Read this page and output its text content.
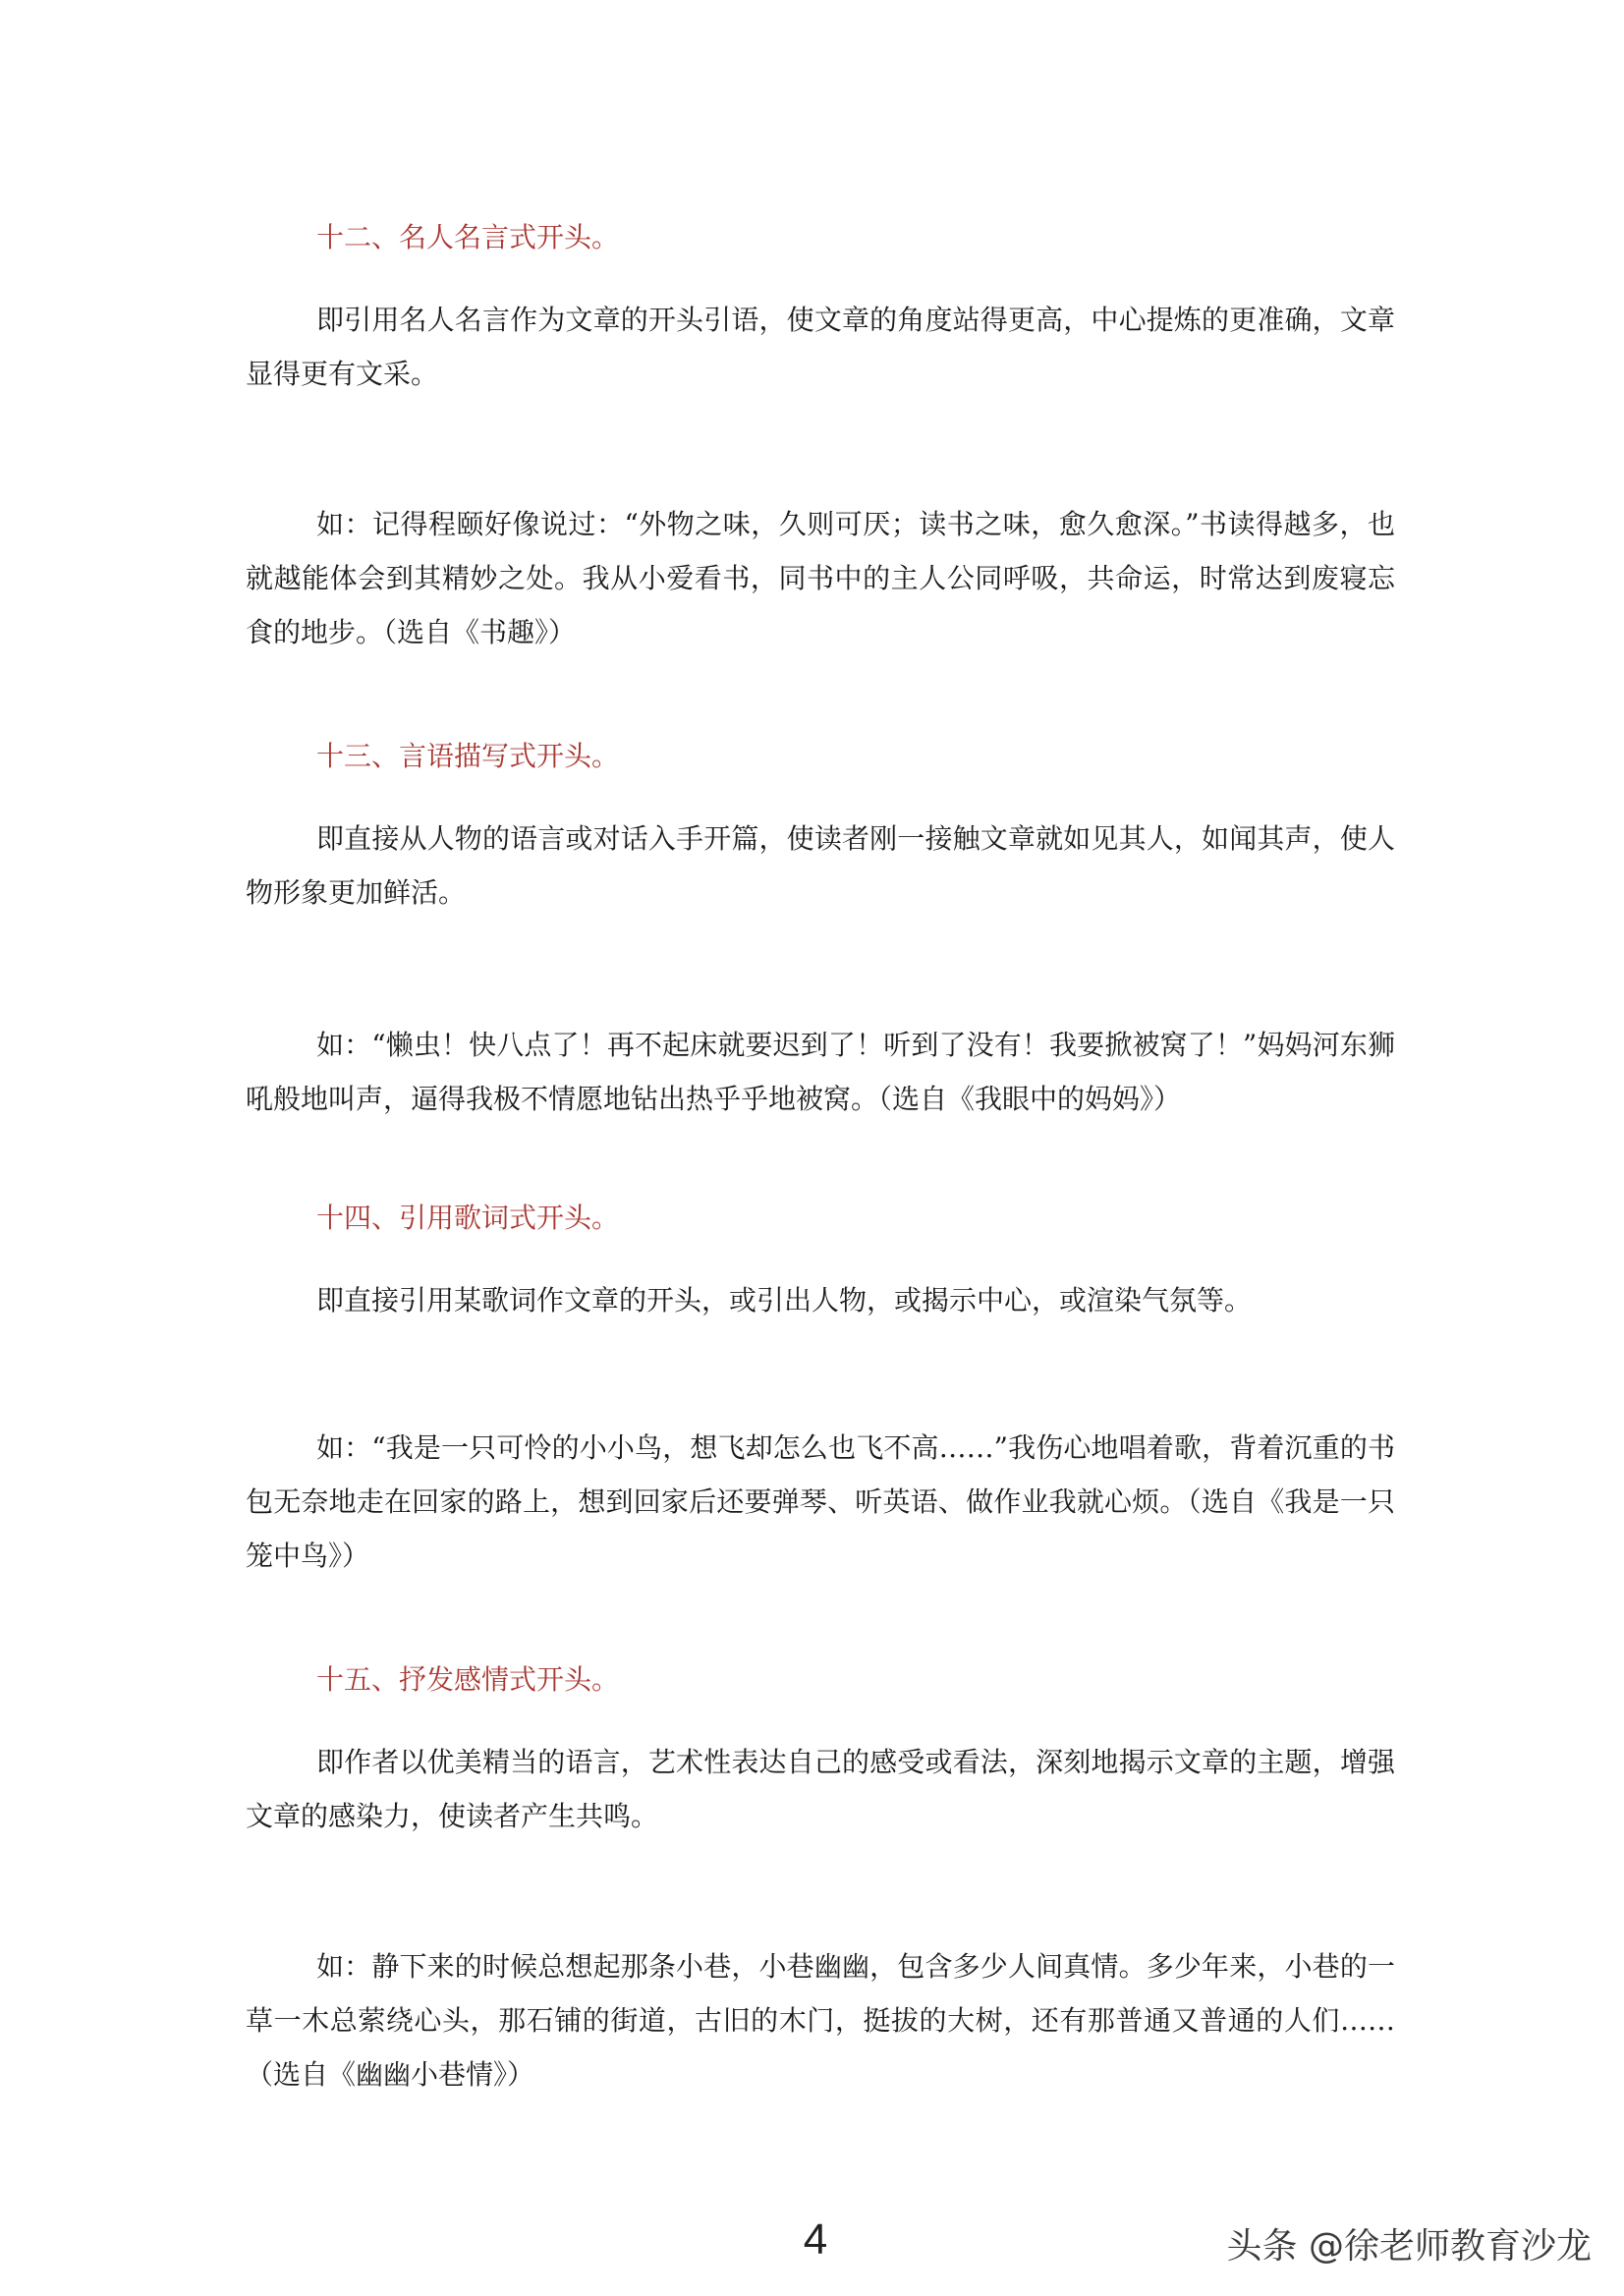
十二、名人名言式开头。

即引用名人名言作为文章的开头引语，使文章的角度站得更高，中心提炼的更准确，文章显得更有文采。

如：记得程颐好像说过：“外物之味，久则可厌；读书之味，愈久愈深。”书读得越多，也就越能体会到其精妙之处。我从小爱看书，同书中的主人公同呼吸，共命运，时常达到废寝忘食的地步。（选自《书趣》）

十三、言语描写式开头。

即直接从人物的语言或对话入手开篇，使读者刚一接触文章就如见其人，如闻其声，使人物形象更加鲜活。

如：“懒虫！快八点了！再不起床就要迟到了！听到了没有！我要掀被窝了！”妈妈河东狮吼般地叫声，逼得我极不情愿地钻出热乎乎地被窝。（选自《我眼中的妈妈》）

十四、引用歌词式开头。

即直接引用某歌词作文章的开头，或引出人物，或揭示中心，或渲染气氛等。

如：“我是一只可怜的小小鸟，想飞却怎么也飞不高……”我伤心地唱着歌，背着沉重的书包无奈地走在回家的路上，想到回家后还要弹琴、听英语、做作业我就心烦。（选自《我是一只笼中鸟》）

十五、抒发感情式开头。

即作者以优美精当的语言，艺术性表达自己的感受或看法，深刻地揭示文章的主题，增强文章的感染力，使读者产生共鸣。

如：静下来的时候总想起那条小巷，小巷幽幽，包含多少人间真情。多少年来，小巷的一草一木总萦绕心头，那石铺的街道，古旧的木门，挺拔的大树，还有那普通又普通的人们……（选自《幽幽小巷情》）

4	头条 @徐老师教育沙龙
